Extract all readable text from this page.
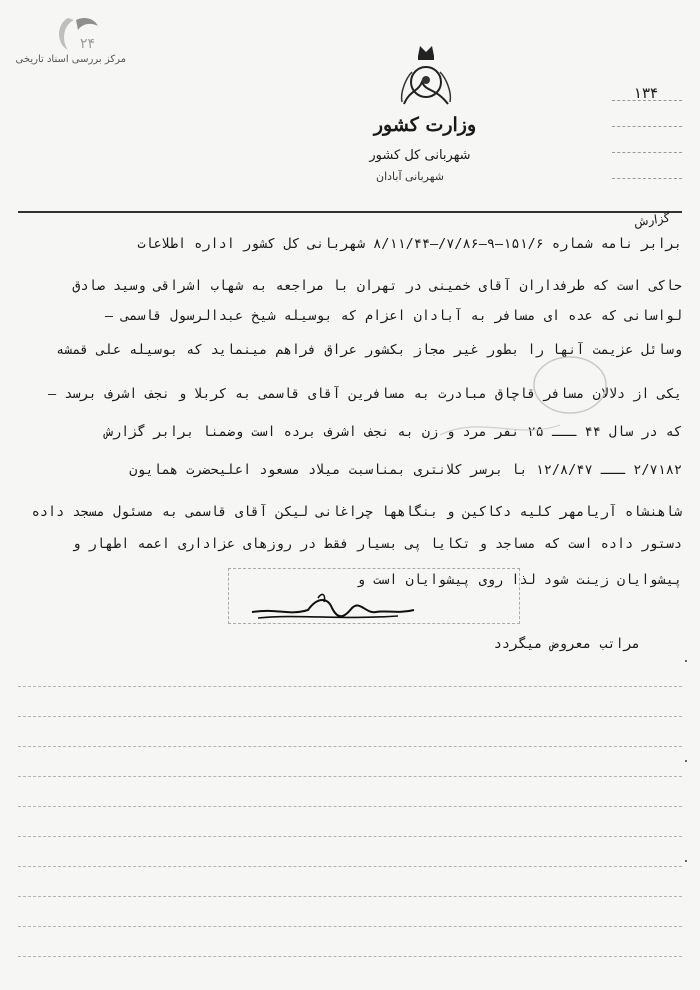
۲۴
مرکز بررسی اسناد تاریخی
وزارت کشور
شهربانی کل کشور
شهربانی آبادان
۱۳۴
گزارش
برابر نامه شماره ۱۵۱/۶–۹–۷/۸۶/–۸/۱۱/۴۴ شهربانی کل کشور اداره اطلاعات
حاکی است که طرفداران آقای خمینی در تهران با مراجعه به شهاب اشراقی وسید صادق
لواسانی که عده ای مسافر به آبادان اعزام که بوسیله شیخ عبدالرسول قاسمی –
وسائل عزیمت آنها را بطور غیر مجاز بکشور عراق فراهم مینماید که بوسیله علی قمشه
یکی از دلالان مسافر قاچاق مبادرت به مسافرین آقای قاسمی به کربلا و نجف اشرف برسد –
که در سال ۴۴ ـــ ۲۵ نفر مرد و زن به نجف اشرف برده است وضمناً برابر گزارش
۲/۷۱۸۲ ـــ ۱۲/۸/۴۷ با برسر کلانتری بمناسبت میلاد مسعود اعلیحضرت همایون
شاهنشاه آریامهر کلیه دکاکین و بنگاهها چراغانی لیکن آقای قاسمی به مسئول مسجد داده
دستور داده است که مساجد و تکایا پی بسیار فقط در روزهای عزاداری اعمه اطهار و
پیشوایان زینت شود لذا روی پیشوایان است و
مراتب معروض میگردد
